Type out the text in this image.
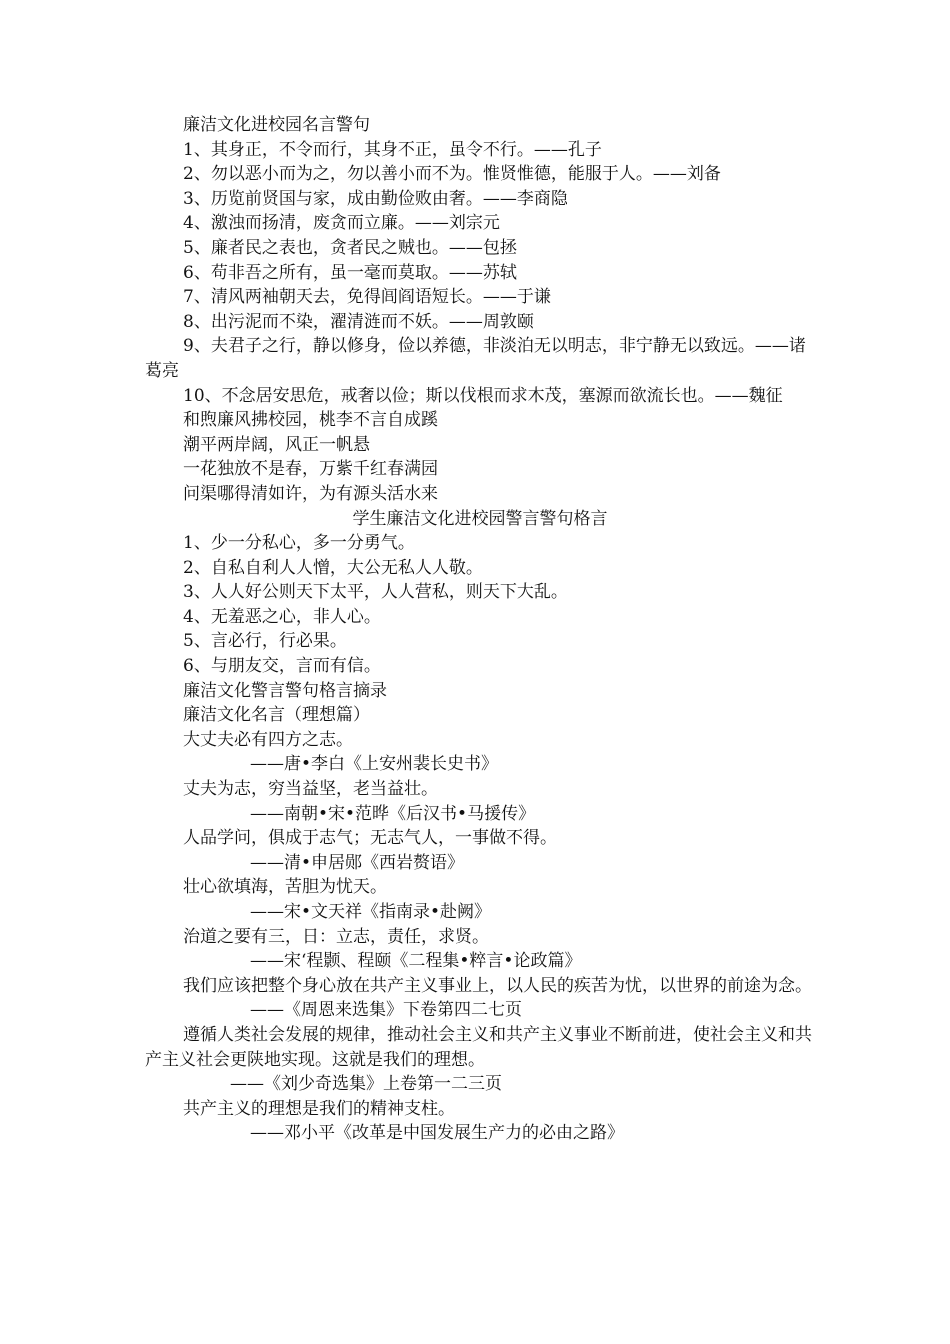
廉洁文化进校园名言警句

1、其身正，不令而行，其身不正，虽令不行。——孔子

2、勿以恶小而为之，勿以善小而不为。惟贤惟德，能服于人。——刘备

3、历览前贤国与家，成由勤俭败由奢。——李商隐

4、激浊而扬清，废贪而立廉。——刘宗元

5、廉者民之表也，贪者民之贼也。——包拯

6、苟非吾之所有，虽一毫而莫取。——苏轼

7、清风两袖朝天去，免得闾阎语短长。——于谦

8、出污泥而不染，濯清涟而不妖。——周敦颐

9、夫君子之行，静以修身，俭以养德，非淡泊无以明志，非宁静无以致远。——诸葛亮

10、不念居安思危，戒奢以俭；斯以伐根而求木茂，塞源而欲流长也。——魏征

和煦廉风拂校园，桃李不言自成蹊

潮平两岸阔，风正一帆悬

一花独放不是春，万紫千红春满园

问渠哪得清如许，为有源头活水来

学生廉洁文化进校园警言警句格言

1、少一分私心，多一分勇气。

2、自私自利人人憎，大公无私人人敬。

3、人人好公则天下太平，人人营私，则天下大乱。

4、无羞恶之心，非人心。

5、言必行，行必果。

6、与朋友交，言而有信。

廉洁文化警言警句格言摘录

廉洁文化名言（理想篇）

大丈夫必有四方之志。

——唐•李白《上安州裴长史书》

丈夫为志，穷当益坚，老当益壮。

——南朝•宋•范晔《后汉书•马援传》

人品学问，俱成于志气；无志气人，一事做不得。

——清•申居郧《西岩赘语》

壮心欲填海，苦胆为忧天。

——宋•文天祥《指南录•赴阙》

治道之要有三，日：立志，责任，求贤。

——宋‘程颢、程颐《二程集•粹言•论政篇》

我们应该把整个身心放在共产主义事业上，以人民的疾苦为忧，以世界的前途为念。

——《周恩来选集》下卷第四二七页

遵循人类社会发展的规律，推动社会主义和共产主义事业不断前进，使社会主义和共产主义社会更陕地实现。这就是我们的理想。

——《刘少奇选集》上卷第一二三页

共产主义的理想是我们的精神支柱。

——邓小平《改革是中国发展生产力的必由之路》
